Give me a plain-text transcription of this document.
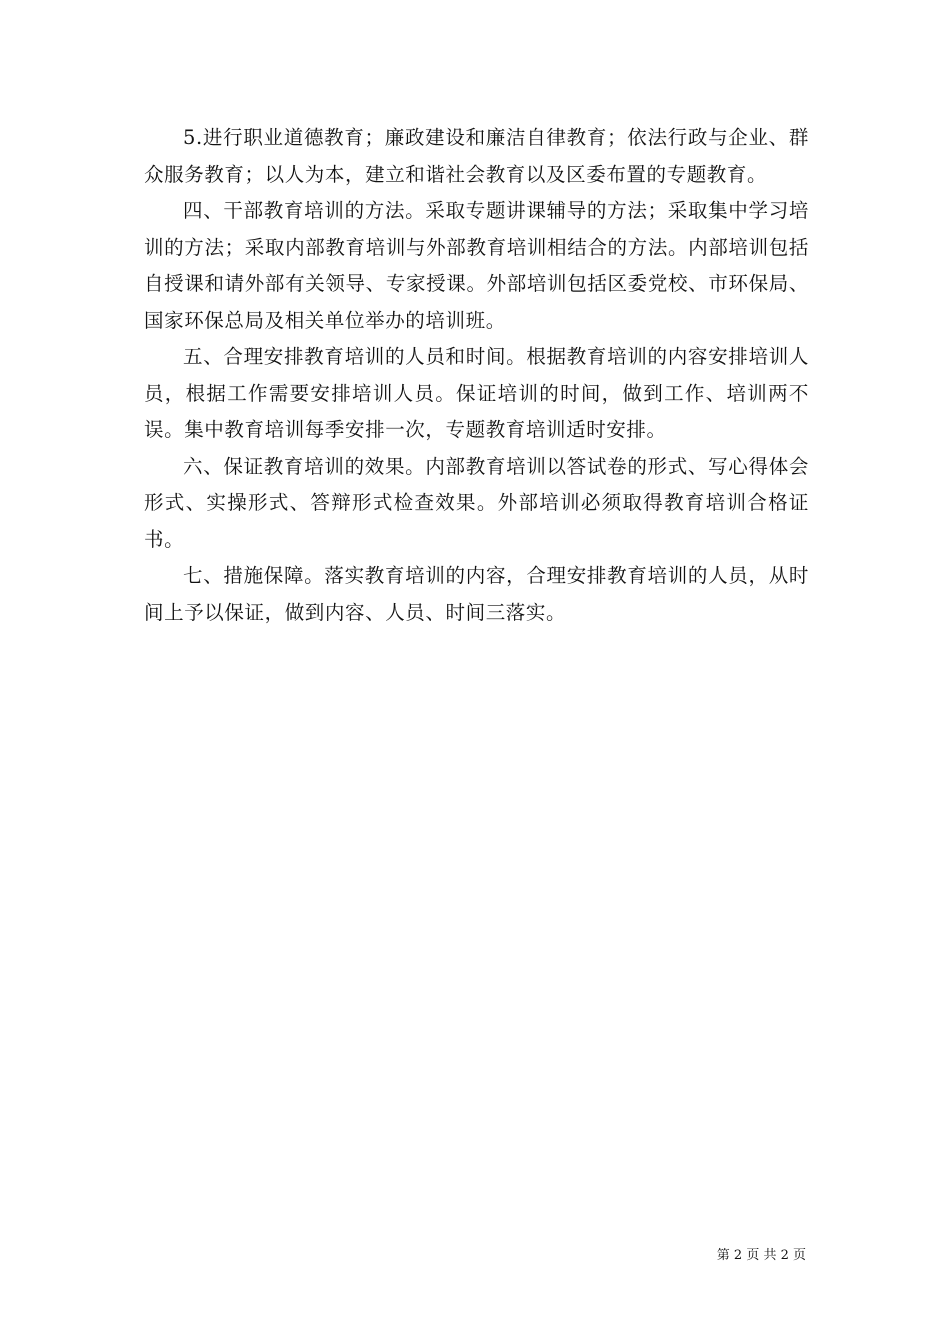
5.进行职业道德教育；廉政建设和廉洁自律教育；依法行政与企业、群众服务教育；以人为本，建立和谐社会教育以及区委布置的专题教育。

四、干部教育培训的方法。采取专题讲课辅导的方法；采取集中学习培训的方法；采取内部教育培训与外部教育培训相结合的方法。内部培训包括自授课和请外部有关领导、专家授课。外部培训包括区委党校、市环保局、国家环保总局及相关单位举办的培训班。

五、合理安排教育培训的人员和时间。根据教育培训的内容安排培训人员，根据工作需要安排培训人员。保证培训的时间，做到工作、培训两不误。集中教育培训每季安排一次，专题教育培训适时安排。

六、保证教育培训的效果。内部教育培训以答试卷的形式、写心得体会形式、实操形式、答辩形式检查效果。外部培训必须取得教育培训合格证书。

七、措施保障。落实教育培训的内容，合理安排教育培训的人员，从时间上予以保证，做到内容、人员、时间三落实。

第 2 页 共 2 页
